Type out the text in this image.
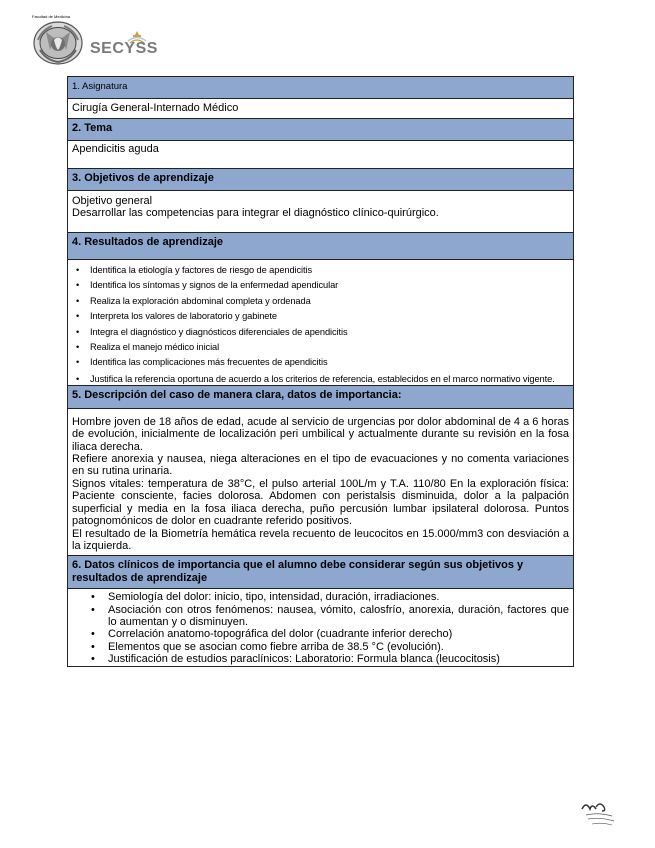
Facultad de Medicina
SECYSS
1. Asignatura
Cirugía General-Internado Médico
2. Tema
Apendicitis aguda
3. Objetivos de aprendizaje

Objetivo general
Desarrollar las competencias para integrar el diagnóstico clínico-quirúrgico.

4. Resultados de aprendizaje

• Identifica la etiología y factores de riesgo de apendicitis
• Identifica los síntomas y signos de la enfermedad apendicular
• Realiza la exploración abdominal completa y ordenada
• Interpreta los valores de laboratorio y gabinete
• Integra el diagnóstico y diagnósticos diferenciales de apendicitis
• Realiza el manejo médico inicial
• Identifica las complicaciones más frecuentes de apendicitis
• Justifica la referencia oportuna de acuerdo a los criterios de referencia, establecidos en el marco normativo vigente.

5. Descripción del caso de manera clara, datos de importancia:

Hombre joven de 18 años de edad, acude al servicio de urgencias por dolor abdominal de 4 a 6 horas de evolución, inicialmente de localización peri umbilical y actualmente durante su revisión en la fosa iliaca derecha.

Refiere anorexia y nausea, niega alteraciones en el tipo de evacuaciones y no comenta variaciones en su rutina urinaria.

Signos vitales: temperatura de 38°C, el pulso arterial 100L/m y T.A. 110/80 En la exploración física: Paciente consciente, facies dolorosa. Abdomen con peristalsis disminuida, dolor a la palpación superficial y media en la fosa iliaca derecha, puño percusión lumbar ipsilateral dolorosa. Puntos patognomónicos de dolor en cuadrante referido positivos.

El resultado de la Biometría hemática revela recuento de leucocitos en 15.000/mm3 con desviación a la izquierda.

6. Datos clínicos de importancia que el alumno debe considerar según sus objetivos y resultados de aprendizaje

• Semiología del dolor: inicio, tipo, intensidad, duración, irradiaciones.
• Asociación con otros fenómenos: nausea, vómito, calosfrío, anorexia, duración, factores que lo aumentan y o disminuyen.
• Correlación anatomo-topográfica del dolor (cuadrante inferior derecho)
• Elementos que se asocian como fiebre arriba de 38.5 °C (evolución).
• Justificación de estudios paraclínicos: Laboratorio: Formula blanca (leucocitosis)
